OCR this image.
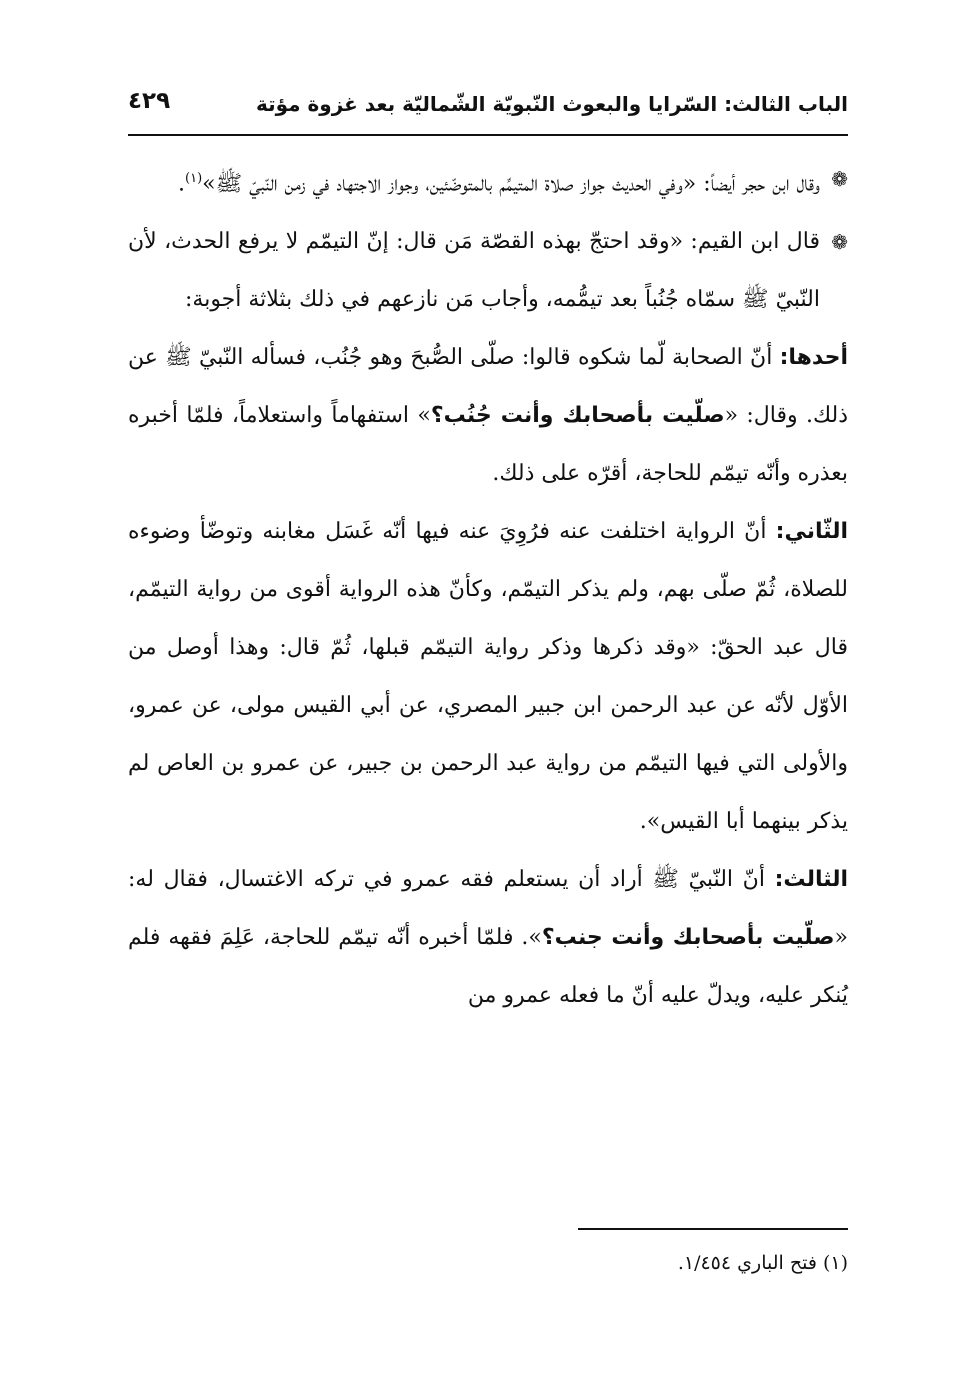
الباب الثالث: السّرايا والبعوث النّبويّة الشّماليّة بعد غزوة مؤتة
٤٢٩

❁
وقال ابن حجر أيضاً: «وفي الحديث جواز صلاة المتيمِّم بالمتوضّئين، وجواز الاجتهاد في زمن النّبيّ ﷺ»$^{(١)}$.

❁
قال ابن القيم: «وقد احتجّ بهذه القصّة مَن قال: إنّ التيمّم لا يرفع الحدث، لأن النّبيّ ﷺ سمّاه جُنُباً بعد تيمُّمه، وأجاب مَن نازعهم في ذلك بثلاثة أجوبة:

أحدها: أنّ الصحابة لّما شكوه قالوا: صلّى الصُّبحَ وهو جُنُب، فسأله النّبيّ ﷺ عن ذلك. وقال: «صلّيت بأصحابك وأنت جُنُب؟» استفهاماً واستعلاماً، فلمّا أخبره بعذره وأنّه تيمّم للحاجة، أقرّه على ذلك.

الثّاني: أنّ الرواية اختلفت عنه فرُوِيَ عنه فيها أنّه غَسَل مغابنه وتوضّأ وضوءه للصلاة، ثُمّ صلّى بهم، ولم يذكر التيمّم، وكأنّ هذه الرواية أقوى من رواية التيمّم، قال عبد الحقّ: «وقد ذكرها وذكر رواية التيمّم قبلها، ثُمّ قال: وهذا أوصل من الأوّل لأنّه عن عبد الرحمن ابن جبير المصري، عن أبي القيس مولى، عن عمرو، والأولى التي فيها التيمّم من رواية عبد الرحمن بن جبير، عن عمرو بن العاص لم يذكر بينهما أبا القيس».

الثالث: أنّ النّبيّ ﷺ أراد أن يستعلم فقه عمرو في تركه الاغتسال، فقال له: «صلّيت بأصحابك وأنت جنب؟». فلمّا أخبره أنّه تيمّم للحاجة، عَلِمَ فقهه فلم يُنكر عليه، ويدلّ عليه أنّ ما فعله عمرو من

(١) فتح الباري ١/٤٥٤.
